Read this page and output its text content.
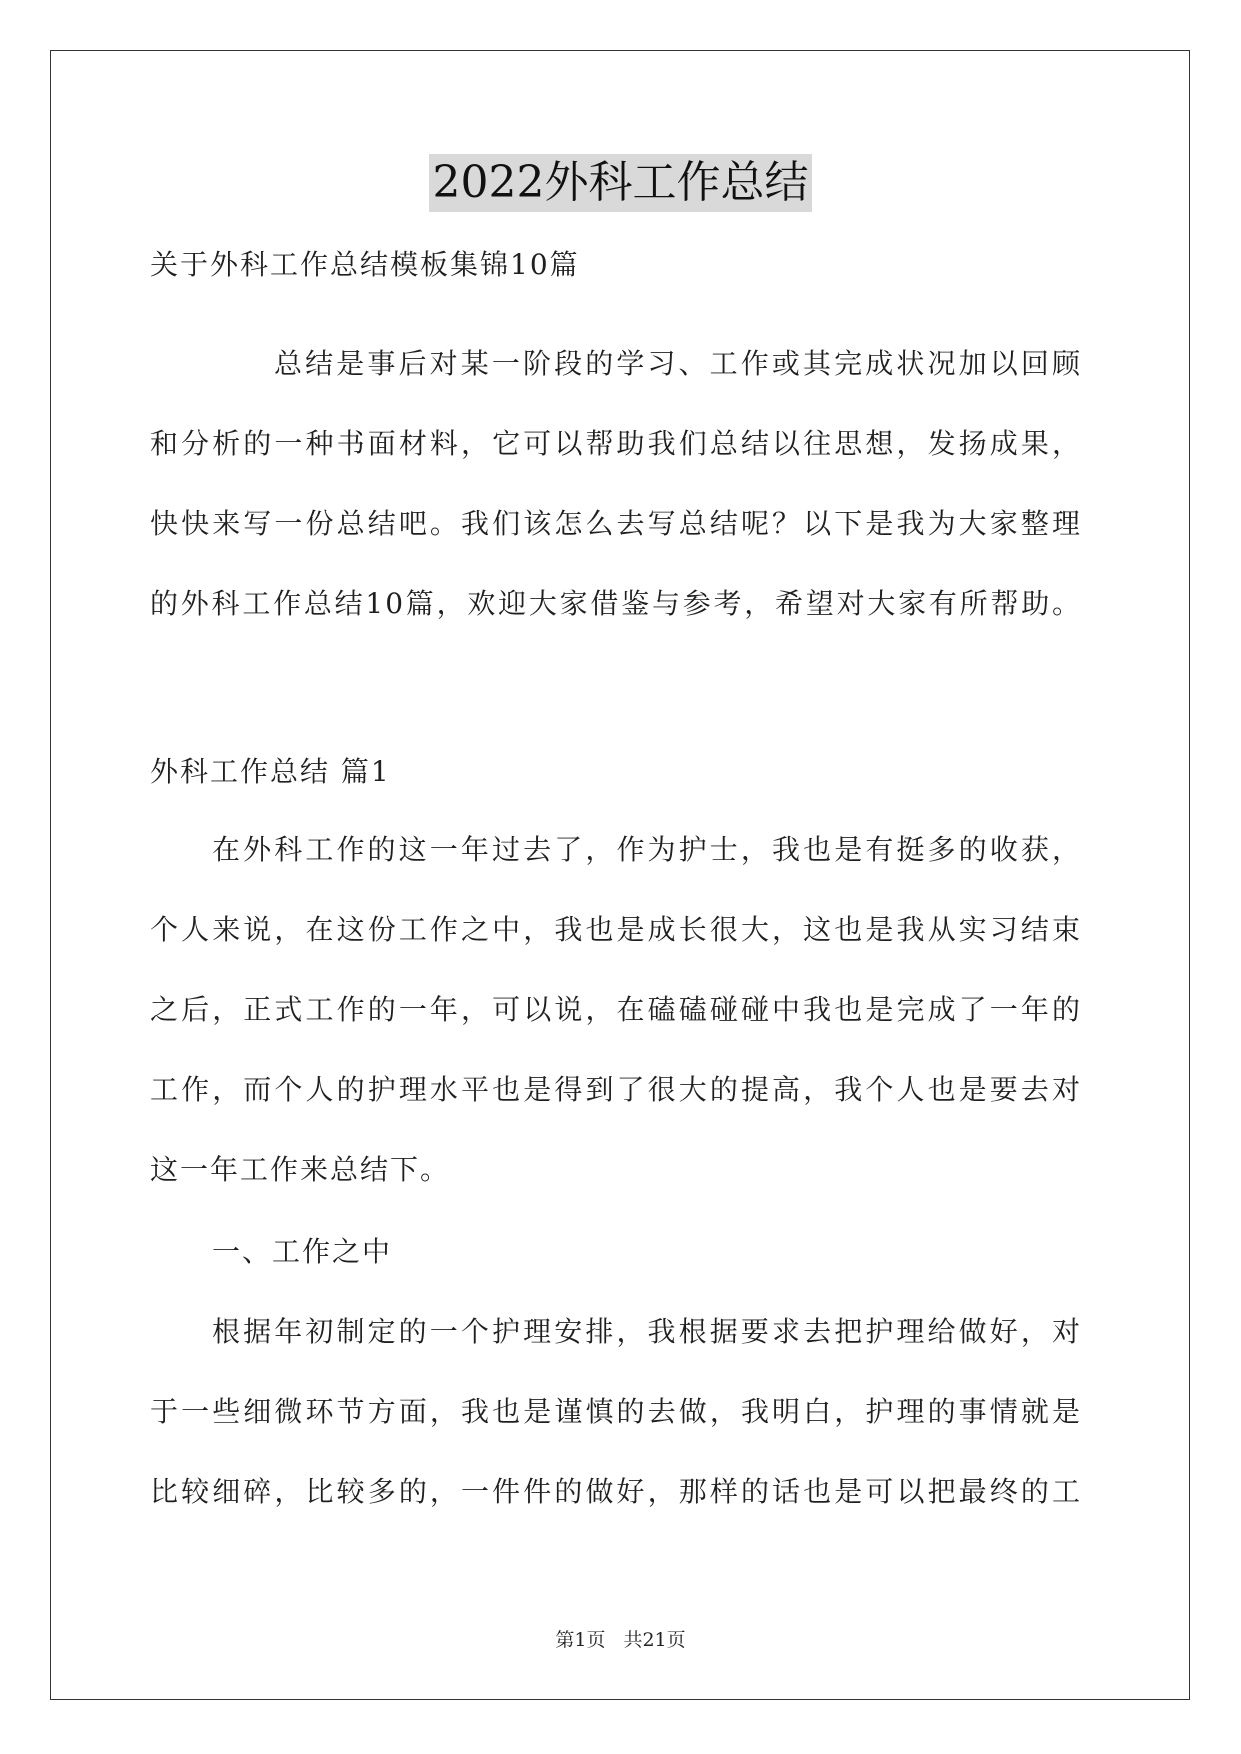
2022外科工作总结
关于外科工作总结模板集锦10篇
总结是事后对某一阶段的学习、工作或其完成状况加以回顾
和分析的一种书面材料，它可以帮助我们总结以往思想，发扬成果，
快快来写一份总结吧。我们该怎么去写总结呢？以下是我为大家整理
的外科工作总结10篇，欢迎大家借鉴与参考，希望对大家有所帮助。
外科工作总结 篇1
在外科工作的这一年过去了，作为护士，我也是有挺多的收获，
个人来说，在这份工作之中，我也是成长很大，这也是我从实习结束
之后，正式工作的一年，可以说，在磕磕碰碰中我也是完成了一年的
工作，而个人的护理水平也是得到了很大的提高，我个人也是要去对
这一年工作来总结下。
一、工作之中
根据年初制定的一个护理安排，我根据要求去把护理给做好，对
于一些细微环节方面，我也是谨慎的去做，我明白，护理的事情就是
比较细碎，比较多的，一件件的做好，那样的话也是可以把最终的工
第1页 共21页
